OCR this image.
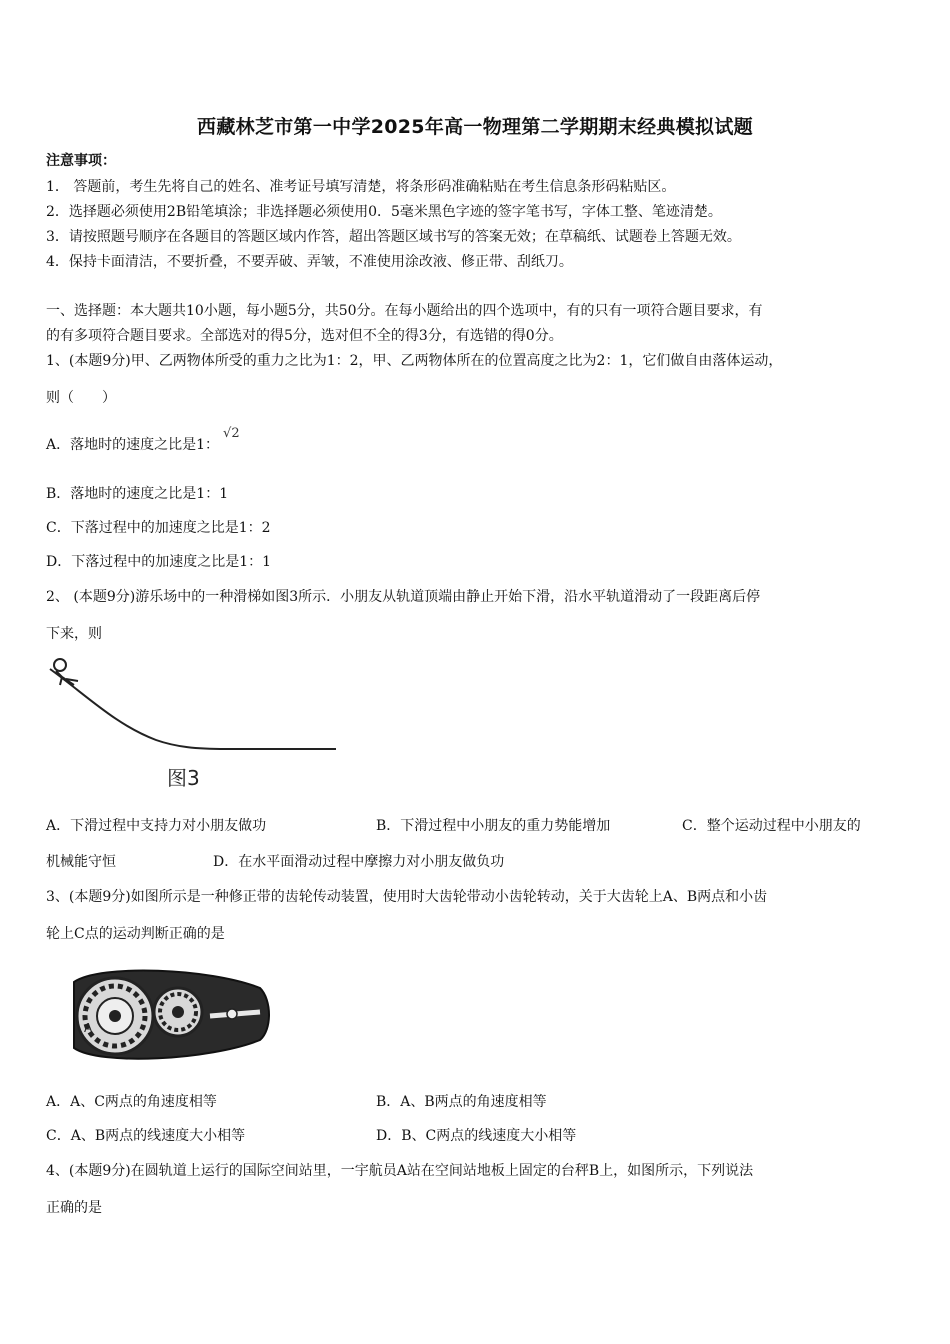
西藏林芝市第一中学2025年高一物理第二学期期末经典模拟试题
注意事项：
1． 答题前，考生先将自己的姓名、准考证号填写清楚，将条形码准确粘贴在考生信息条形码粘贴区。
2．选择题必须使用2B铅笔填涂；非选择题必须使用0．5毫米黑色字迹的签字笔书写，字体工整、笔迹清楚。
3．请按照题号顺序在各题目的答题区域内作答，超出答题区域书写的答案无效；在草稿纸、试题卷上答题无效。
4．保持卡面清洁，不要折叠，不要弄破、弄皱，不准使用涂改液、修正带、刮纸刀。
一、选择题：本大题共10小题，每小题5分，共50分。在每小题给出的四个选项中，有的只有一项符合题目要求，有
的有多项符合题目要求。全部选对的得5分，选对但不全的得3分，有选错的得0分。
1、(本题9分)甲、乙两物体所受的重力之比为1：2，甲、乙两物体所在的位置高度之比为2：1，它们做自由落体运动，
则（　　）
A．落地时的速度之比是1：√2
B．落地时的速度之比是1：1
C．下落过程中的加速度之比是1：2
D．下落过程中的加速度之比是1：1
2、 (本题9分)游乐场中的一种滑梯如图3所示．小朋友从轨道顶端由静止开始下滑，沿水平轨道滑动了一段距离后停
下来，则
图3
A．下滑过程中支持力对小朋友做功	B．下滑过程中小朋友的重力势能增加	C．整个运动过程中小朋友的
机械能守恒	D．在水平面滑动过程中摩擦力对小朋友做负功
3、(本题9分)如图所示是一种修正带的齿轮传动装置，使用时大齿轮带动小齿轮转动，关于大齿轮上A、B两点和小齿
轮上C点的运动判断正确的是
A
A．A、C两点的角速度相等	B．A、B两点的角速度相等
C．A、B两点的线速度大小相等	D．B、C两点的线速度大小相等
4、(本题9分)在圆轨道上运行的国际空间站里，一宇航员A站在空间站地板上固定的台秤B上，如图所示，下列说法
正确的是
